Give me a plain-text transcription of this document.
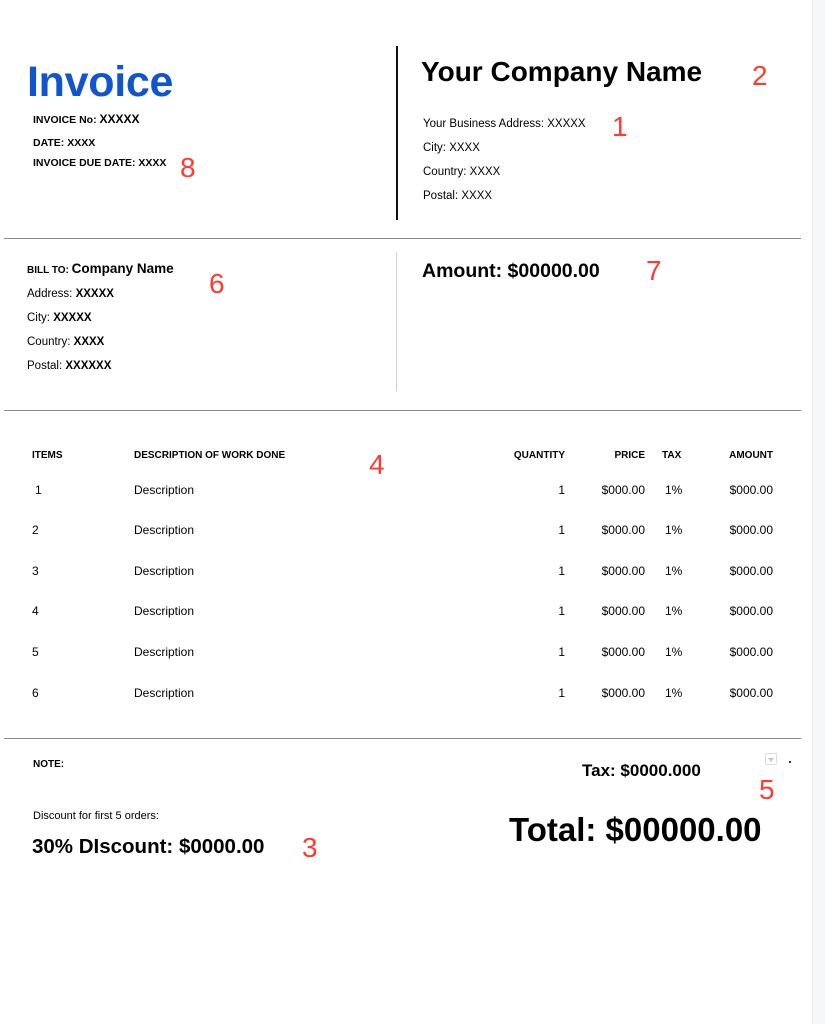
Invoice
INVOICE No: XXXXX
DATE: XXXX
INVOICE DUE DATE: XXXX
Your Company Name
Your Business Address: XXXXX
City: XXXX
Country: XXXX
Postal: XXXX
BILL TO: Company Name
Address: XXXXX
City: XXXXX
Country: XXXX
Postal: XXXXXX
Amount: $00000.00
ITEMS	DESCRIPTION OF WORK DONE	QUANTITY	PRICE TAX	AMOUNT
1	Description	1	$000.00 1%	$000.00
2	Description	1	$000.00 1%	$000.00
3	Description	1	$000.00 1%	$000.00
4	Description	1	$000.00 1%	$000.00
5	Description	1	$000.00 1%	$000.00
6	Description	1	$000.00 1%	$000.00
NOTE:
Discount for first 5 orders:
30% DIscount: $0000.00
Tax: $0000.000
Total: $00000.00
1
2
3
4
5
6	7
8
